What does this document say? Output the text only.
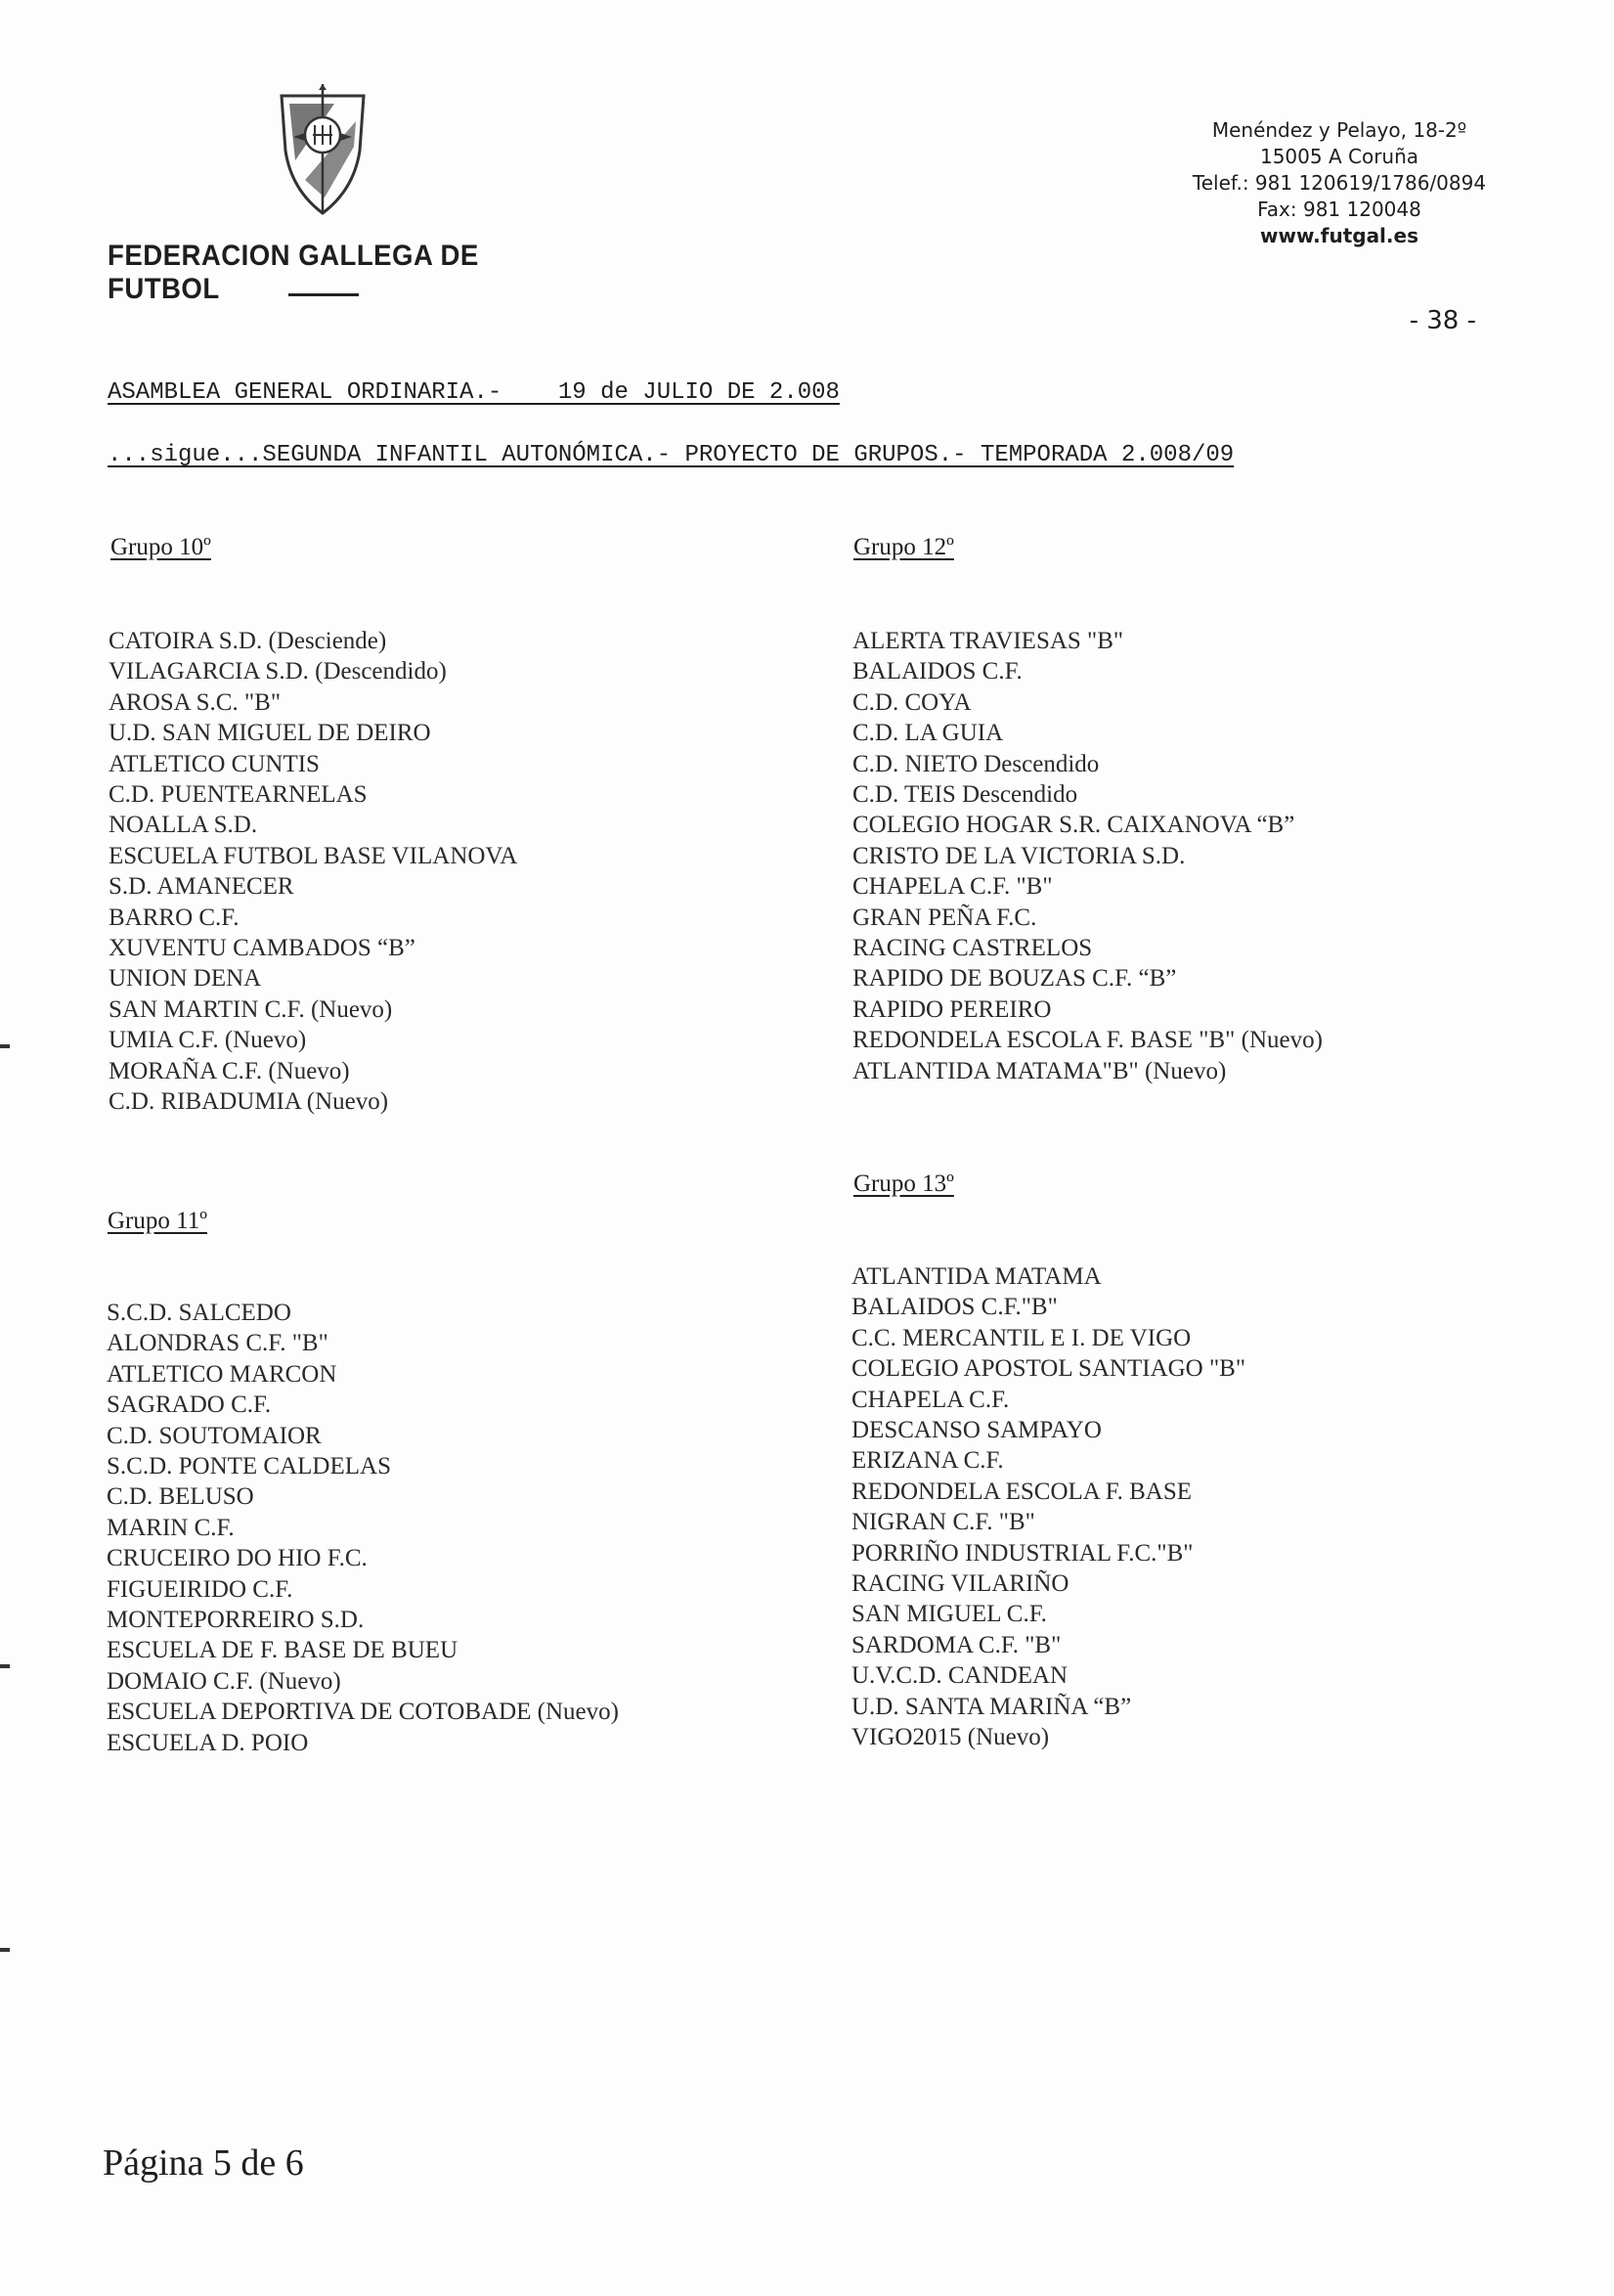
FEDERACION GALLEGA DE FUTBOL
Menéndez y Pelayo, 18-2º
15005 A Coruña
Telef.: 981 120619/1786/0894
Fax: 981 120048
www.futgal.es
- 38 -
ASAMBLEA GENERAL ORDINARIA.-    19 de JULIO DE 2.008
...sigue...SEGUNDA INFANTIL AUTONÓMICA.- PROYECTO DE GRUPOS.- TEMPORADA 2.008/09
Grupo 10º
CATOIRA S.D. (Desciende)
VILAGARCIA S.D. (Descendido)
AROSA S.C. "B"
U.D. SAN MIGUEL DE DEIRO
ATLETICO CUNTIS
C.D. PUENTEARNELAS
NOALLA S.D.
ESCUELA FUTBOL BASE VILANOVA
S.D. AMANECER
BARRO C.F.
XUVENTU CAMBADOS “B”
UNION DENA
SAN MARTIN C.F. (Nuevo)
UMIA C.F. (Nuevo)
MORAÑA C.F. (Nuevo)
C.D. RIBADUMIA (Nuevo)
Grupo 11º
S.C.D. SALCEDO
ALONDRAS C.F. "B"
ATLETICO MARCON
SAGRADO C.F.
C.D. SOUTOMAIOR
S.C.D. PONTE CALDELAS
C.D. BELUSO
MARIN C.F.
CRUCEIRO DO HIO F.C.
FIGUEIRIDO C.F.
MONTEPORREIRO S.D.
ESCUELA DE F. BASE DE BUEU
DOMAIO C.F. (Nuevo)
ESCUELA DEPORTIVA DE COTOBADE (Nuevo)
ESCUELA D. POIO
Grupo 12º
ALERTA TRAVIESAS "B"
BALAIDOS C.F.
C.D. COYA
C.D. LA GUIA
C.D. NIETO Descendido
C.D. TEIS Descendido
COLEGIO HOGAR S.R. CAIXANOVA “B”
CRISTO DE LA VICTORIA S.D.
CHAPELA C.F. "B"
GRAN PEÑA F.C.
RACING CASTRELOS
RAPIDO DE BOUZAS C.F. “B”
RAPIDO PEREIRO
REDONDELA ESCOLA F. BASE "B" (Nuevo)
ATLANTIDA MATAMA"B" (Nuevo)
Grupo 13º
ATLANTIDA MATAMA
BALAIDOS C.F."B"
C.C. MERCANTIL E I. DE VIGO
COLEGIO APOSTOL SANTIAGO "B"
CHAPELA C.F.
DESCANSO SAMPAYO
ERIZANA C.F.
REDONDELA ESCOLA F. BASE
NIGRAN C.F. "B"
PORRIÑO INDUSTRIAL F.C."B"
RACING VILARIÑO
SAN MIGUEL C.F.
SARDOMA C.F. "B"
U.V.C.D. CANDEAN
U.D. SANTA MARIÑA “B”
VIGO2015 (Nuevo)
Página 5 de 6
